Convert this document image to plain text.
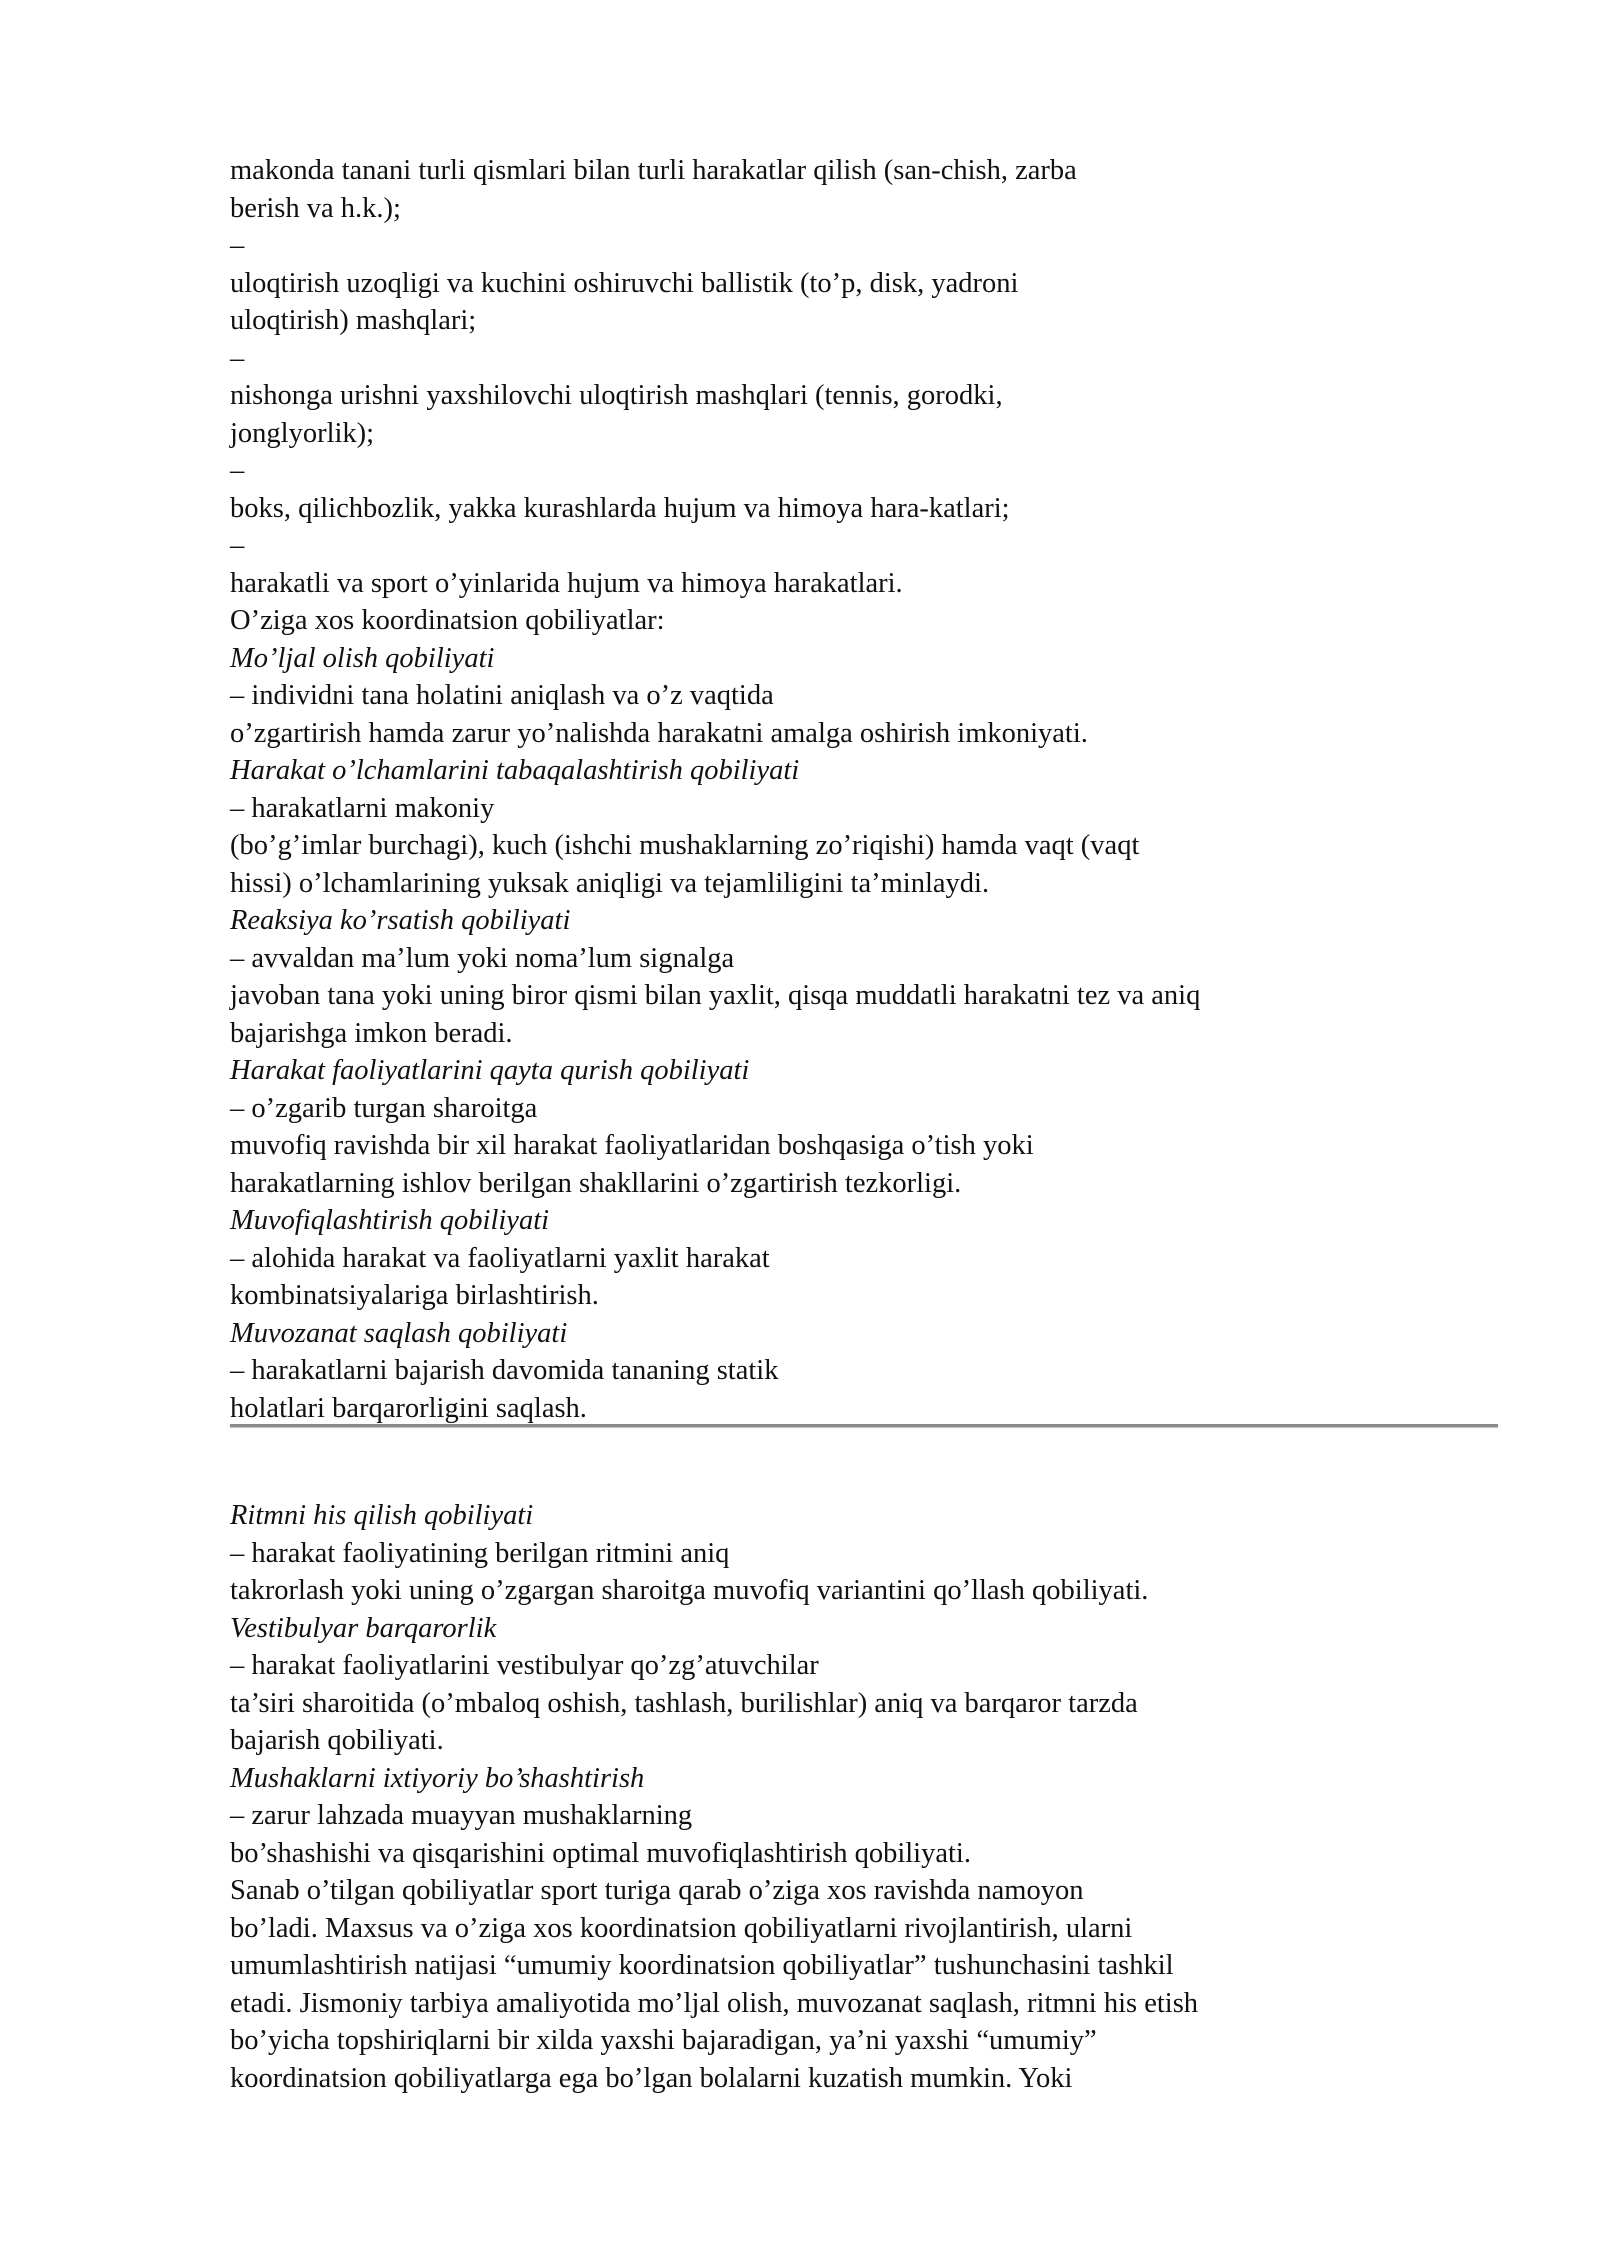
makonda tanani turli qismlari bilan turli harakatlar qilish (san-chish, zarba
berish va h.k.);
–
uloqtirish uzoqligi va kuchini oshiruvchi ballistik (to’p, disk, yadroni
uloqtirish) mashqlari;
–
nishonga urishni yaxshilovchi uloqtirish mashqlari (tennis, gorodki,
jonglyorlik);
–
boks, qilichbozlik, yakka kurashlarda hujum va himoya hara-katlari;
–
harakatli va sport o’yinlarida hujum va himoya harakatlari.
O’ziga xos koordinatsion qobiliyatlar:
Mo’ljal olish qobiliyati
– individni tana holatini aniqlash va o’z vaqtida
o’zgartirish hamda zarur yo’nalishda harakatni amalga oshirish imkoniyati.
Harakat o’lchamlarini tabaqalashtirish qobiliyati
– harakatlarni makoniy
(bo’g’imlar burchagi), kuch (ishchi mushaklarning zo’riqishi) hamda vaqt (vaqt
hissi) o’lchamlarining yuksak aniqligi va tejamliligini ta’minlaydi.
Reaksiya ko’rsatish qobiliyati
– avvaldan ma’lum yoki noma’lum signalga
javoban tana yoki uning biror qismi bilan yaxlit, qisqa muddatli harakatni tez va aniq
bajarishga imkon beradi.
Harakat faoliyatlarini qayta qurish qobiliyati
– o’zgarib turgan sharoitga
muvofiq ravishda bir xil harakat faoliyatlaridan boshqasiga o’tish yoki
harakatlarning ishlov berilgan shakllarini o’zgartirish tezkorligi.
Muvofiqlashtirish qobiliyati
– alohida harakat va faoliyatlarni yaxlit harakat
kombinatsiyalariga birlashtirish.
Muvozanat saqlash qobiliyati
– harakatlarni bajarish davomida tananing statik
holatlari barqarorligini saqlash.
Ritmni his qilish qobiliyati
– harakat faoliyatining berilgan ritmini aniq
takrorlash yoki uning o’zgargan sharoitga muvofiq variantini qo’llash qobiliyati.
Vestibulyar barqarorlik
– harakat faoliyatlarini vestibulyar qo’zg’atuvchilar
ta’siri sharoitida (o’mbaloq oshish, tashlash, burilishlar) aniq va barqaror tarzda
bajarish qobiliyati.
Mushaklarni ixtiyoriy bo’shashtirish
– zarur lahzada muayyan mushaklarning
bo’shashishi va qisqarishini optimal muvofiqlashtirish qobiliyati.
Sanab o’tilgan qobiliyatlar sport turiga qarab o’ziga xos ravishda namoyon
bo’ladi. Maxsus va o’ziga xos koordinatsion qobiliyatlarni rivojlantirish, ularni
umumlashtirish natijasi “umumiy koordinatsion qobiliyatlar” tushunchasini tashkil
etadi. Jismoniy tarbiya amaliyotida mo’ljal olish, muvozanat saqlash, ritmni his etish
bo’yicha topshiriqlarni bir xilda yaxshi bajaradigan, ya’ni yaxshi “umumiy”
koordinatsion qobiliyatlarga ega bo’lgan bolalarni kuzatish mumkin. Yoki
